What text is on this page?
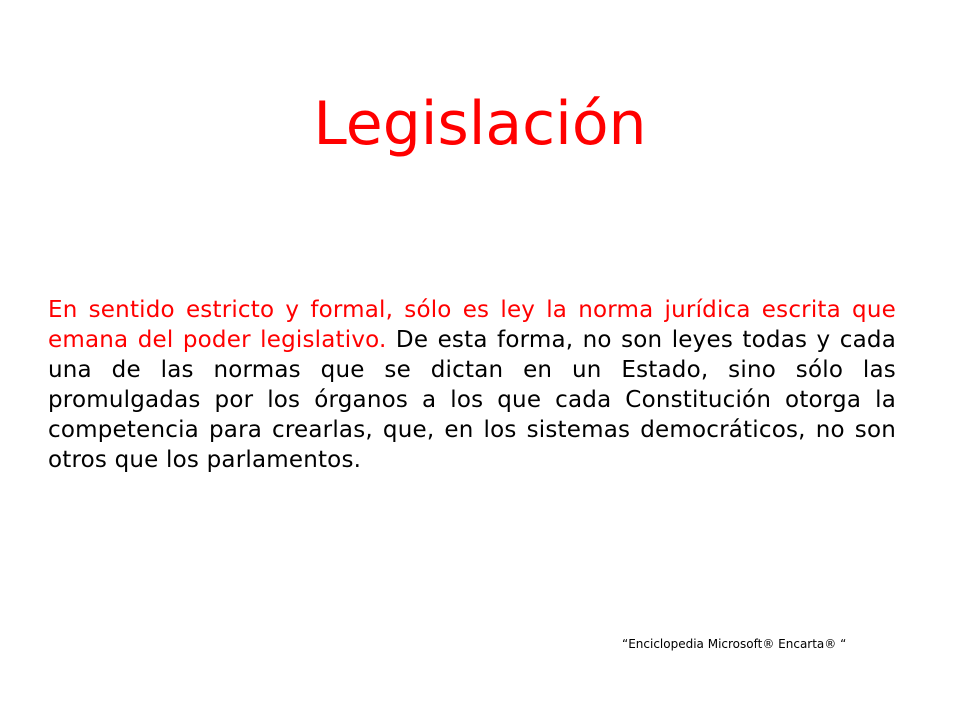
Legislación

En sentido estricto y formal, sólo es ley la norma jurídica escrita que emana del poder legislativo. De esta forma, no son leyes todas y cada una de las normas que se dictan en un Estado, sino sólo las promulgadas por los órganos a los que cada Constitución otorga la competencia para crearlas, que, en los sistemas democráticos, no son otros que los parlamentos.

“Enciclopedia Microsoft® Encarta® “
